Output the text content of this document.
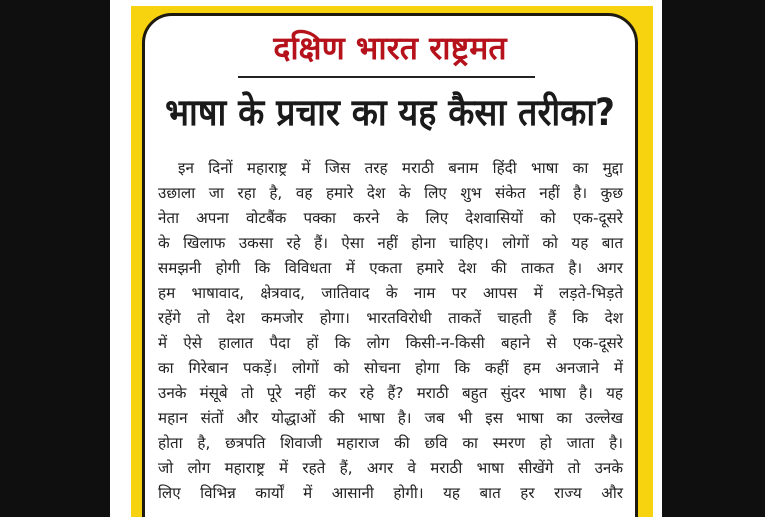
दक्षिण भारत राष्ट्रमत
भाषा के प्रचार का यह कैसा तरीका?
इन दिनों महाराष्ट्र में जिस तरह मराठी बनाम हिंदी भाषा का मुद्दा
उछाला जा रहा है, वह हमारे देश के लिए शुभ संकेत नहीं है। कुछ
नेता अपना वोटबैंक पक्का करने के लिए देशवासियों को एक-दूसरे
के खिलाफ उकसा रहे हैं। ऐसा नहीं होना चाहिए। लोगों को यह बात
समझनी होगी कि विविधता में एकता हमारे देश की ताकत है। अगर
हम भाषावाद, क्षेत्रवाद, जातिवाद के नाम पर आपस में लड़ते-भिड़ते
रहेंगे तो देश कमजोर होगा। भारतविरोधी ताकतें चाहती हैं कि देश
में ऐसे हालात पैदा हों कि लोग किसी-न-किसी बहाने से एक-दूसरे
का गिरेबान पकड़ें। लोगों को सोचना होगा कि कहीं हम अनजाने में
उनके मंसूबे तो पूरे नहीं कर रहे हैं? मराठी बहुत सुंदर भाषा है। यह
महान संतों और योद्धाओं की भाषा है। जब भी इस भाषा का उल्लेख
होता है, छत्रपति शिवाजी महाराज की छवि का स्मरण हो जाता है।
जो लोग महाराष्ट्र में रहते हैं, अगर वे मराठी भाषा सीखेंगे तो उनके
लिए विभिन्न कार्यों में आसानी होगी। यह बात हर राज्य और
